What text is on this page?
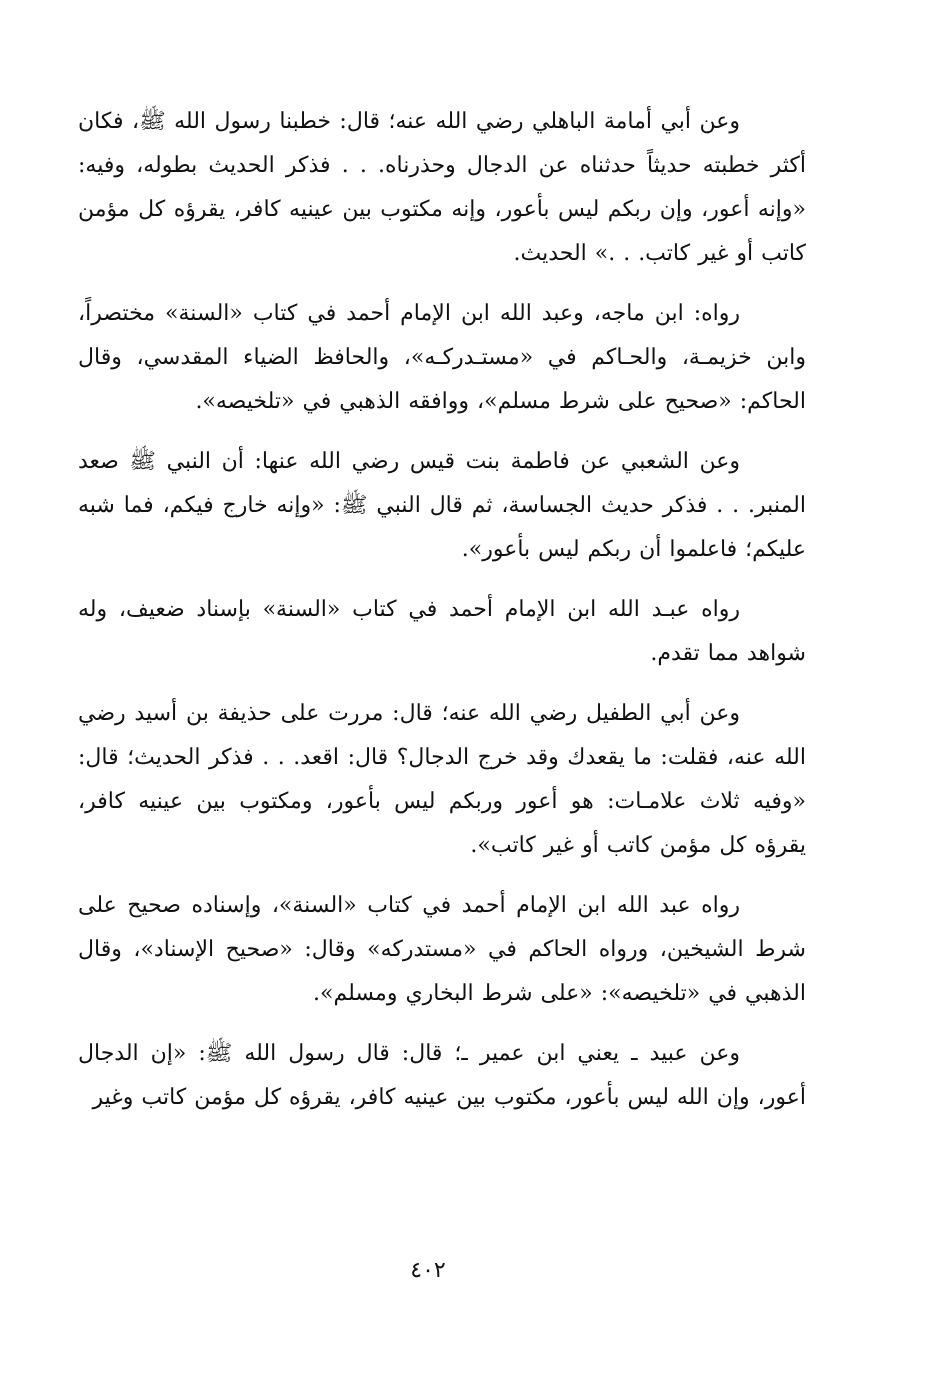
وعن أبي أمامة الباهلي رضي الله عنه؛ قال: خطبنا رسول الله ﷺ، فكان أكثر خطبته حديثاً حدثناه عن الدجال وحذرناه. . . فذكر الحديث بطوله، وفيه: «وإنه أعور، وإن ربكم ليس بأعور، وإنه مكتوب بين عينيه كافر، يقرؤه كل مؤمن كاتب أو غير كاتب. . .» الحديث.

رواه: ابن ماجه، وعبد الله ابن الإمام أحمد في كتاب «السنة» مختصراً، وابن خزيمـة، والحـاكم في «مستـدركـه»، والحافظ الضياء المقدسي، وقال الحاكم: «صحيح على شرط مسلم»، ووافقه الذهبي في «تلخيصه».

وعن الشعبي عن فاطمة بنت قيس رضي الله عنها: أن النبي ﷺ صعد المنبر. . . فذكر حديث الجساسة، ثم قال النبي ﷺ: «وإنه خارج فيكم، فما شبه عليكم؛ فاعلموا أن ربكم ليس بأعور».

رواه عبـد الله ابن الإمام أحمد في كتاب «السنة» بإسناد ضعيف، وله شواهد مما تقدم.

وعن أبي الطفيل رضي الله عنه؛ قال: مررت على حذيفة بن أسيد رضي الله عنه، فقلت: ما يقعدك وقد خرج الدجال؟ قال: اقعد. . . فذكر الحديث؛ قال: «وفيه ثلاث علامـات: هو أعور وربكم ليس بأعور، ومكتوب بين عينيه كافر، يقرؤه كل مؤمن كاتب أو غير كاتب».

رواه عبد الله ابن الإمام أحمد في كتاب «السنة»، وإسناده صحيح على شرط الشيخين، ورواه الحاكم في «مستدركه» وقال: «صحيح الإسناد»، وقال الذهبي في «تلخيصه»: «على شرط البخاري ومسلم».

وعن عبيد ـ يعني ابن عمير ـ؛ قال: قال رسول الله ﷺ: «إن الدجال أعور، وإن الله ليس بأعور، مكتوب بين عينيه كافر، يقرؤه كل مؤمن كاتب وغير

٤٠٢
